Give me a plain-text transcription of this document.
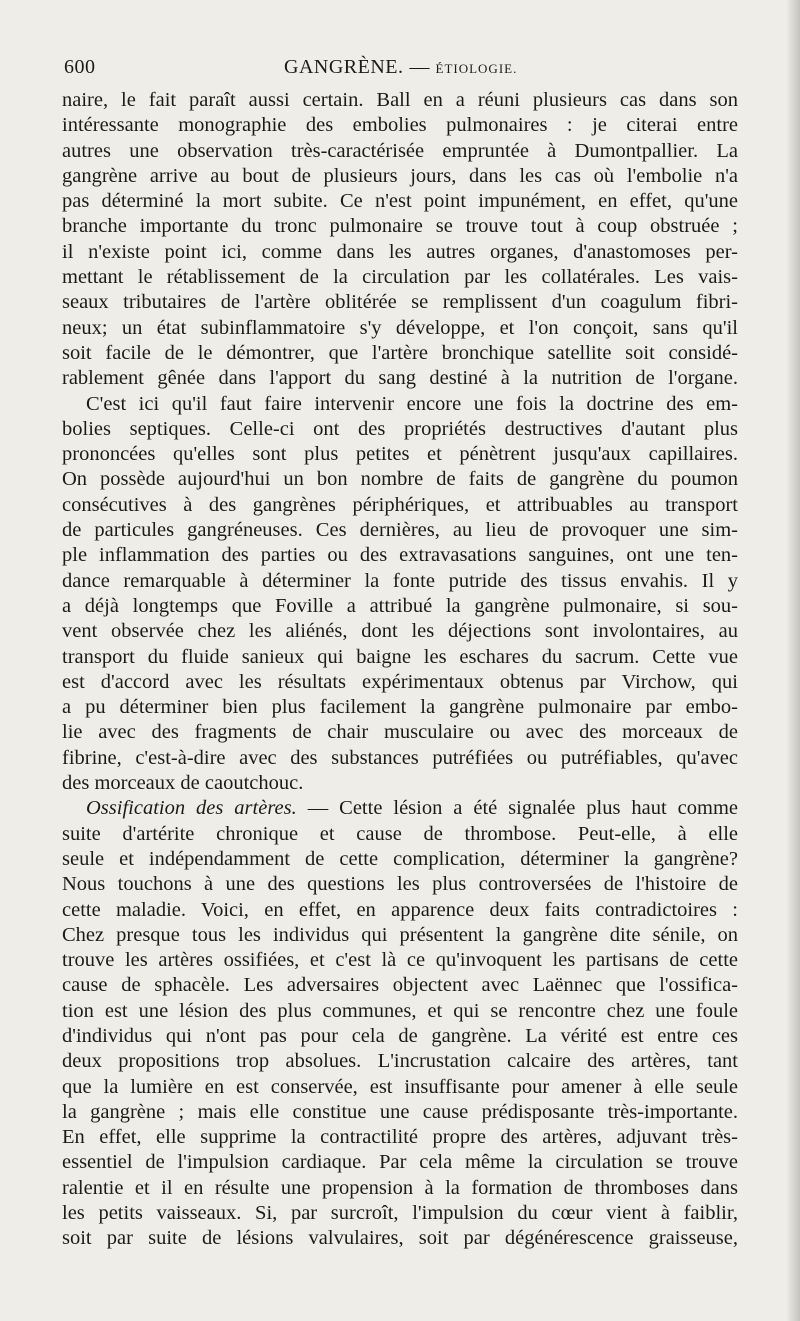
600	GANGRÈNE. — ÉTIOLOGIE.
naire, le fait paraît aussi certain. Ball en a réuni plusieurs cas dans son
intéressante monographie des embolies pulmonaires : je citerai entre
autres une observation très-caractérisée empruntée à Dumontpallier. La
gangrène arrive au bout de plusieurs jours, dans les cas où l'embolie n'a
pas déterminé la mort subite. Ce n'est point impunément, en effet, qu'une
branche importante du tronc pulmonaire se trouve tout à coup obstruée ;
il n'existe point ici, comme dans les autres organes, d'anastomoses per-
mettant le rétablissement de la circulation par les collatérales. Les vais-
seaux tributaires de l'artère oblitérée se remplissent d'un coagulum fibri-
neux; un état subinflammatoire s'y développe, et l'on conçoit, sans qu'il
soit facile de le démontrer, que l'artère bronchique satellite soit considé-
rablement gênée dans l'apport du sang destiné à la nutrition de l'organe.
C'est ici qu'il faut faire intervenir encore une fois la doctrine des em-
bolies septiques. Celle-ci ont des propriétés destructives d'autant plus
prononcées qu'elles sont plus petites et pénètrent jusqu'aux capillaires.
On possède aujourd'hui un bon nombre de faits de gangrène du poumon
consécutives à des gangrènes périphériques, et attribuables au transport
de particules gangréneuses. Ces dernières, au lieu de provoquer une sim-
ple inflammation des parties ou des extravasations sanguines, ont une ten-
dance remarquable à déterminer la fonte putride des tissus envahis. Il y
a déjà longtemps que Foville a attribué la gangrène pulmonaire, si sou-
vent observée chez les aliénés, dont les déjections sont involontaires, au
transport du fluide sanieux qui baigne les eschares du sacrum. Cette vue
est d'accord avec les résultats expérimentaux obtenus par Virchow, qui
a pu déterminer bien plus facilement la gangrène pulmonaire par embo-
lie avec des fragments de chair musculaire ou avec des morceaux de
fibrine, c'est-à-dire avec des substances putréfiées ou putréfiables, qu'avec
des morceaux de caoutchouc.
Ossification des artères. — Cette lésion a été signalée plus haut comme
suite d'artérite chronique et cause de thrombose. Peut-elle, à elle
seule et indépendamment de cette complication, déterminer la gangrène?
Nous touchons à une des questions les plus controversées de l'histoire de
cette maladie. Voici, en effet, en apparence deux faits contradictoires :
Chez presque tous les individus qui présentent la gangrène dite sénile, on
trouve les artères ossifiées, et c'est là ce qu'invoquent les partisans de cette
cause de sphacèle. Les adversaires objectent avec Laënnec que l'ossifica-
tion est une lésion des plus communes, et qui se rencontre chez une foule
d'individus qui n'ont pas pour cela de gangrène. La vérité est entre ces
deux propositions trop absolues. L'incrustation calcaire des artères, tant
que la lumière en est conservée, est insuffisante pour amener à elle seule
la gangrène ; mais elle constitue une cause prédisposante très-importante.
En effet, elle supprime la contractilité propre des artères, adjuvant très-
essentiel de l'impulsion cardiaque. Par cela même la circulation se trouve
ralentie et il en résulte une propension à la formation de thromboses dans
les petits vaisseaux. Si, par surcroît, l'impulsion du cœur vient à faiblir,
soit par suite de lésions valvulaires, soit par dégénérescence graisseuse,
